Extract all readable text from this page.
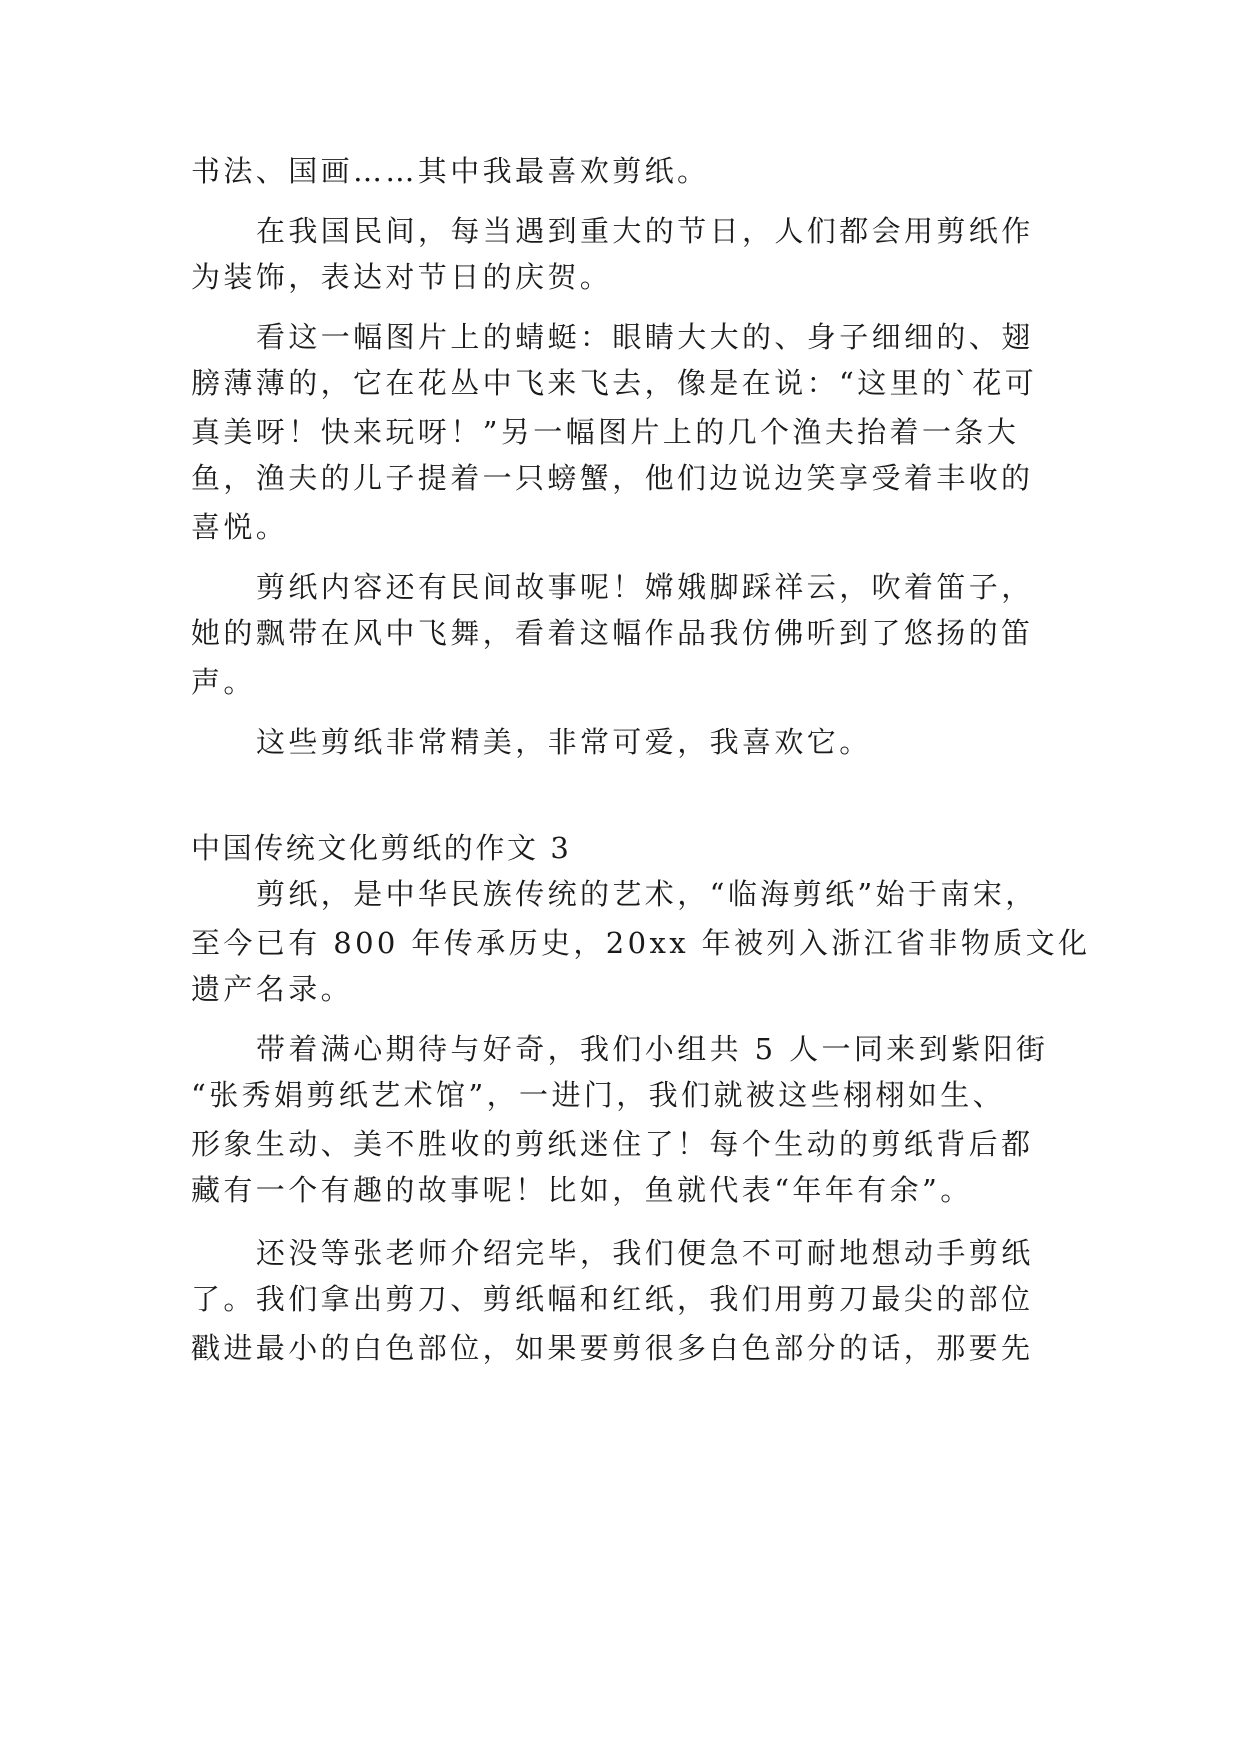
书法、国画……其中我最喜欢剪纸。
在我国民间，每当遇到重大的节日，人们都会用剪纸作
为装饰，表达对节日的庆贺。
看这一幅图片上的蜻蜓：眼睛大大的、身子细细的、翅
膀薄薄的，它在花丛中飞来飞去，像是在说：“这里的`花可
真美呀！快来玩呀！”另一幅图片上的几个渔夫抬着一条大
鱼，渔夫的儿子提着一只螃蟹，他们边说边笑享受着丰收的
喜悦。
剪纸内容还有民间故事呢！嫦娥脚踩祥云，吹着笛子，
她的飘带在风中飞舞，看着这幅作品我仿佛听到了悠扬的笛
声。
这些剪纸非常精美，非常可爱，我喜欢它。
中国传统文化剪纸的作文 3
剪纸，是中华民族传统的艺术，“临海剪纸”始于南宋，
至今已有 800 年传承历史，20xx 年被列入浙江省非物质文化
遗产名录。
带着满心期待与好奇，我们小组共 5 人一同来到紫阳街
“张秀娟剪纸艺术馆”，一进门，我们就被这些栩栩如生、
形象生动、美不胜收的剪纸迷住了！每个生动的剪纸背后都
藏有一个有趣的故事呢！比如，鱼就代表“年年有余”。
还没等张老师介绍完毕，我们便急不可耐地想动手剪纸
了。我们拿出剪刀、剪纸幅和红纸，我们用剪刀最尖的部位
戳进最小的白色部位，如果要剪很多白色部分的话，那要先
